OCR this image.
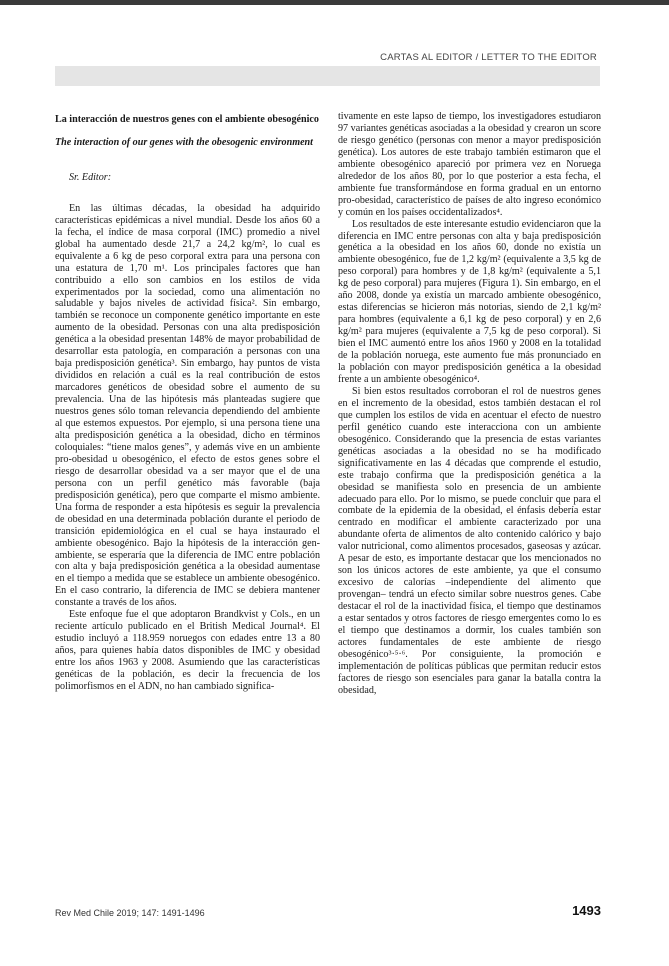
CARTAS AL EDITOR / LETTER TO THE EDITOR

La interacción de nuestros genes con el ambiente obesogénico

The interaction of our genes with the obesogenic environment

Sr. Editor:

En las últimas décadas, la obesidad ha adquirido características epidémicas a nivel mundial. Desde los años 60 a la fecha, el índice de masa corporal (IMC) promedio a nivel global ha aumentado desde 21,7 a 24,2 kg/m², lo cual es equivalente a 6 kg de peso corporal extra para una persona con una estatura de 1,70 m¹. Los principales factores que han contribuido a ello son cambios en los estilos de vida experimentados por la sociedad, como una alimentación no saludable y bajos niveles de actividad física². Sin embargo, también se reconoce un componente genético importante en este aumento de la obesidad. Personas con una alta predisposición genética a la obesidad presentan 148% de mayor probabilidad de desarrollar esta patología, en comparación a personas con una baja predisposición genética³. Sin embargo, hay puntos de vista divididos en relación a cuál es la real contribución de estos marcadores genéticos de obesidad sobre el aumento de su prevalencia. Una de las hipótesis más planteadas sugiere que nuestros genes sólo toman relevancia dependiendo del ambiente al que estemos expuestos. Por ejemplo, si una persona tiene una alta predisposición genética a la obesidad, dicho en términos coloquiales: “tiene malos genes”, y además vive en un ambiente pro-obesidad u obesogénico, el efecto de estos genes sobre el riesgo de desarrollar obesidad va a ser mayor que el de una persona con un perfil genético más favorable (baja predisposición genética), pero que comparte el mismo ambiente. Una forma de responder a esta hipótesis es seguir la prevalencia de obesidad en una determinada población durante el periodo de transición epidemiológica en el cual se haya instaurado el ambiente obesogénico. Bajo la hipótesis de la interacción gen-ambiente, se esperaría que la diferencia de IMC entre población con alta y baja predisposición genética a la obesidad aumentase en el tiempo a medida que se establece un ambiente obesogénico. En el caso contrario, la diferencia de IMC se debiera mantener constante a través de los años.

Este enfoque fue el que adoptaron Brandkvist y Cols., en un reciente artículo publicado en el British Medical Journal⁴. El estudio incluyó a 118.959 noruegos con edades entre 13 a 80 años, para quienes había datos disponibles de IMC y obesidad entre los años 1963 y 2008. Asumiendo que las características genéticas de la población, es decir la frecuencia de los polimorfismos en el ADN, no han cambiado significa-

tivamente en este lapso de tiempo, los investigadores estudiaron 97 variantes genéticas asociadas a la obesidad y crearon un score de riesgo genético (personas con menor a mayor predisposición genética). Los autores de este trabajo también estimaron que el ambiente obesogénico apareció por primera vez en Noruega alrededor de los años 80, por lo que posterior a esta fecha, el ambiente fue transformándose en forma gradual en un entorno pro-obesidad, característico de países de alto ingreso económico y común en los países occidentalizados⁴.

Los resultados de este interesante estudio evidenciaron que la diferencia en IMC entre personas con alta y baja predisposición genética a la obesidad en los años 60, donde no existía un ambiente obesogénico, fue de 1,2 kg/m² (equivalente a 3,5 kg de peso corporal) para hombres y de 1,8 kg/m² (equivalente a 5,1 kg de peso corporal) para mujeres (Figura 1). Sin embargo, en el año 2008, donde ya existía un marcado ambiente obesogénico, estas diferencias se hicieron más notorias, siendo de 2,1 kg/m² para hombres (equivalente a 6,1 kg de peso corporal) y en 2,6 kg/m² para mujeres (equivalente a 7,5 kg de peso corporal). Si bien el IMC aumentó entre los años 1960 y 2008 en la totalidad de la población noruega, este aumento fue más pronunciado en la población con mayor predisposición genética a la obesidad frente a un ambiente obesogénico⁴.

Si bien estos resultados corroboran el rol de nuestros genes en el incremento de la obesidad, estos también destacan el rol que cumplen los estilos de vida en acentuar el efecto de nuestro perfil genético cuando este interacciona con un ambiente obesogénico. Considerando que la presencia de estas variantes genéticas asociadas a la obesidad no se ha modificado significativamente en las 4 décadas que comprende el estudio, este trabajo confirma que la predisposición genética a la obesidad se manifiesta solo en presencia de un ambiente adecuado para ello. Por lo mismo, se puede concluir que para el combate de la epidemia de la obesidad, el énfasis debería estar centrado en modificar el ambiente caracterizado por una abundante oferta de alimentos de alto contenido calórico y bajo valor nutricional, como alimentos procesados, gaseosas y azúcar. A pesar de esto, es importante destacar que los mencionados no son los únicos actores de este ambiente, ya que el consumo excesivo de calorías –independiente del alimento que provengan– tendrá un efecto similar sobre nuestros genes. Cabe destacar el rol de la inactividad física, el tiempo que destinamos a estar sentados y otros factores de riesgo emergentes como lo es el tiempo que destinamos a dormir, los cuales también son actores fundamentales de este ambiente de riesgo obesogénico³·⁵·⁶. Por consiguiente, la promoción e implementación de políticas públicas que permitan reducir estos factores de riesgo son esenciales para ganar la batalla contra la obesidad,

Rev Med Chile 2019; 147: 1491-1496	1493
